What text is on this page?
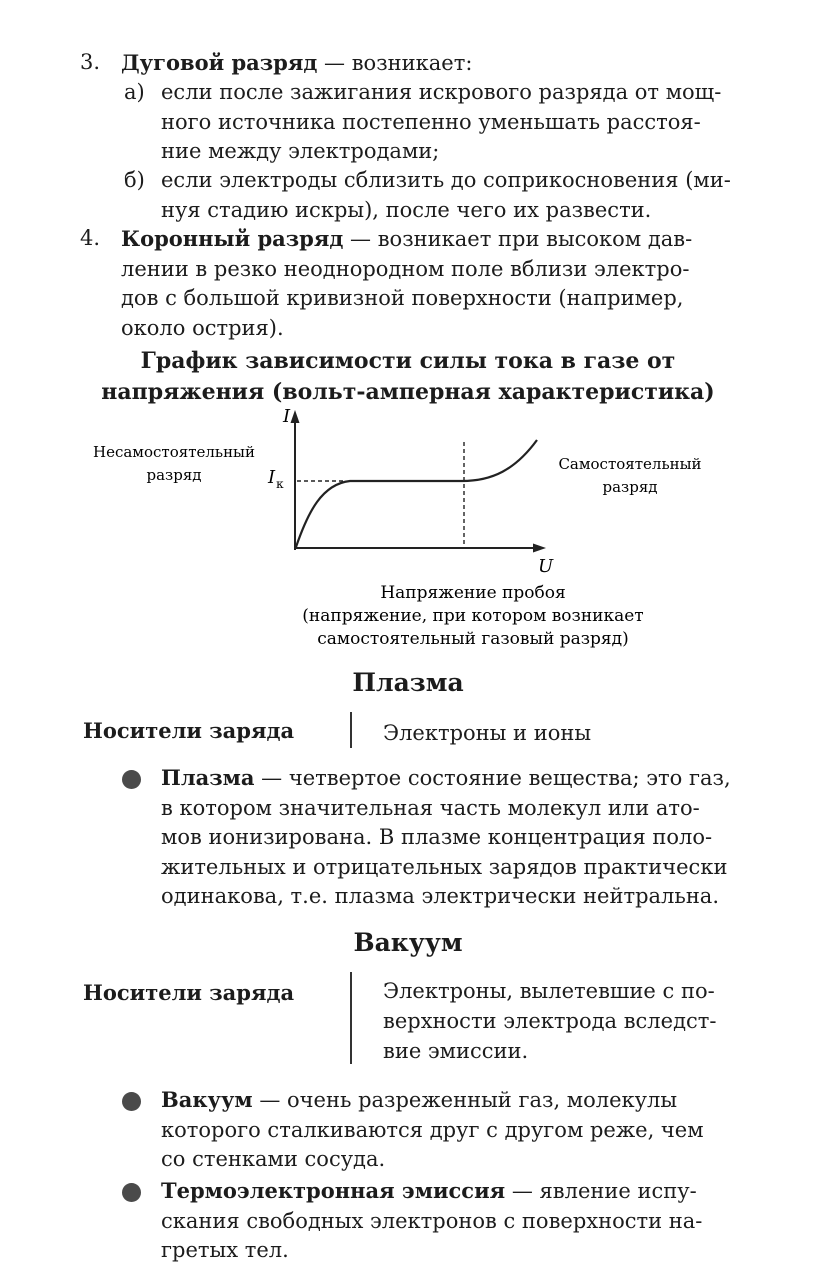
3. Дуговой разряд — возникает:
а) если после зажигания искрового разряда от мощ-
ного источника постепенно уменьшать расстоя-
ние между электродами;
б) если электроды сблизить до соприкосновения (ми-
нуя стадию искры), после чего их развести.
4. Коронный разряд — возникает при высоком дав-
лении в резко неоднородном поле вблизи электро-
дов с большой кривизной поверхности (например,
около острия).
График зависимости силы тока в газе от
напряжения (вольт-амперная характеристика)
I
U
$I_к$
Несамостоятельный
разряд
Самостоятельный
разряд
Напряжение пробоя
(напряжение, при котором возникает
самостоятельный газовый разряд)
Плазма
Носители заряда	Электроны и ионы
Плазма — четвертое состояние вещества; это газ,
в котором значительная часть молекул или ато-
мов ионизирована. В плазме концентрация поло-
жительных и отрицательных зарядов практически
одинакова, т.е. плазма электрически нейтральна.
Вакуум
Носители заряда	Электроны, вылетевшие с по-
верхности электрода вследст-
вие эмиссии.
Вакуум — очень разреженный газ, молекулы
которого сталкиваются друг с другом реже, чем
со стенками сосуда.
Термоэлектронная эмиссия — явление испу-
скания свободных электронов с поверхности на-
гретых тел.
